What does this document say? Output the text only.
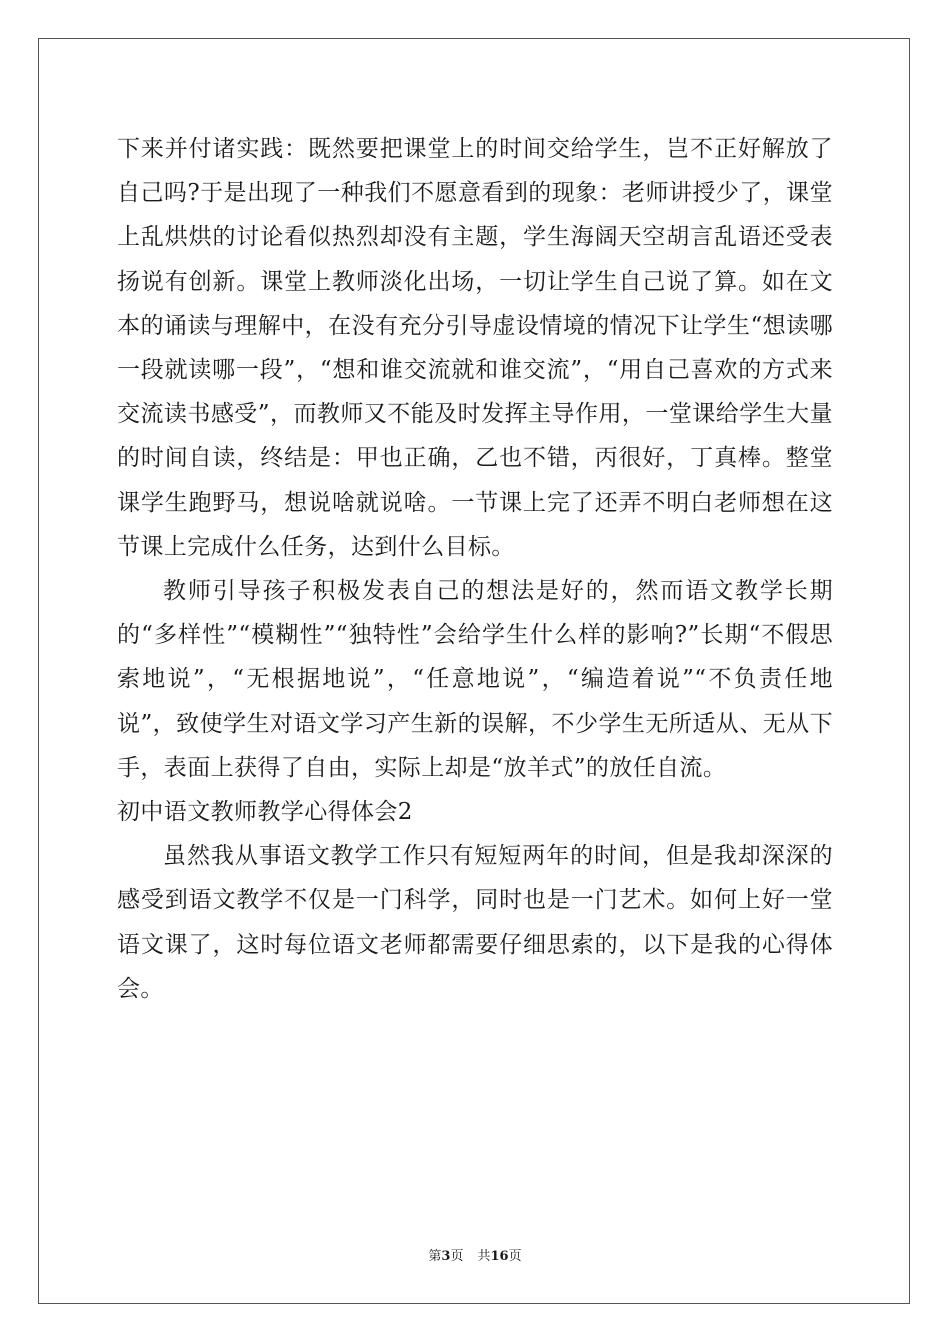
下来并付诸实践：既然要把课堂上的时间交给学生，岂不正好解放了自己吗?于是出现了一种我们不愿意看到的现象：老师讲授少了，课堂上乱烘烘的讨论看似热烈却没有主题，学生海阔天空胡言乱语还受表扬说有创新。课堂上教师淡化出场，一切让学生自己说了算。如在文本的诵读与理解中，在没有充分引导虚设情境的情况下让学生“想读哪一段就读哪一段”，“想和谁交流就和谁交流”，“用自己喜欢的方式来交流读书感受”，而教师又不能及时发挥主导作用，一堂课给学生大量的时间自读，终结是：甲也正确，乙也不错，丙很好，丁真棒。整堂课学生跑野马，想说啥就说啥。一节课上完了还弄不明白老师想在这节课上完成什么任务，达到什么目标。

教师引导孩子积极发表自己的想法是好的，然而语文教学长期的“多样性”“模糊性”“独特性”会给学生什么样的影响?”长期“不假思索地说”，“无根据地说”，“任意地说”，“编造着说”“不负责任地说”，致使学生对语文学习产生新的误解，不少学生无所适从、无从下手，表面上获得了自由，实际上却是“放羊式”的放任自流。

初中语文教师教学心得体会2

虽然我从事语文教学工作只有短短两年的时间，但是我却深深的感受到语文教学不仅是一门科学，同时也是一门艺术。如何上好一堂语文课了，这时每位语文老师都需要仔细思索的，以下是我的心得体会。

第3页 共16页
